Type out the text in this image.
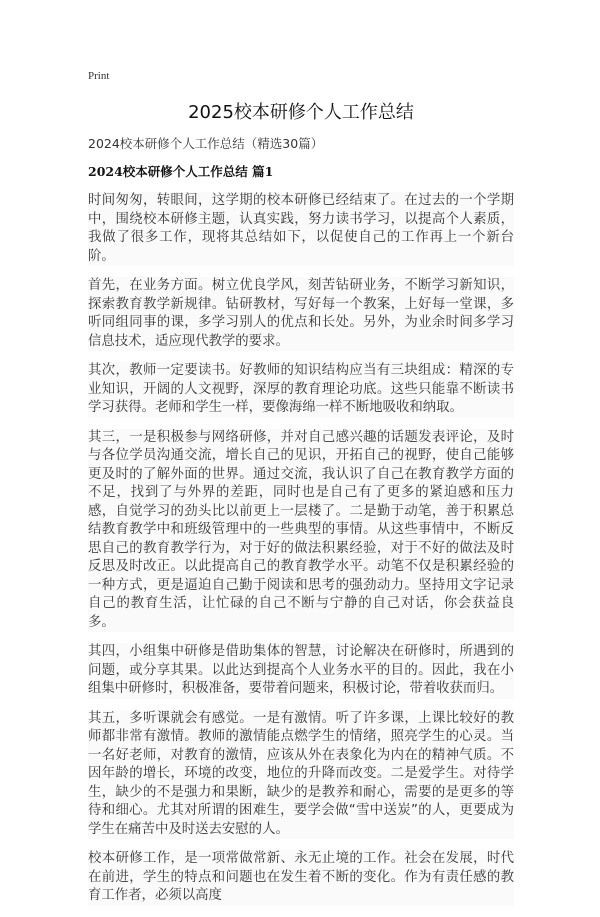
Print
2025校本研修个人工作总结
2024校本研修个人工作总结（精选30篇）
2024校本研修个人工作总结 篇1

时间匆匆，转眼间，这学期的校本研修已经结束了。在过去的一个学期中，围绕校本研修主题，认真实践，努力读书学习，以提高个人素质，我做了很多工作，现将其总结如下，以促使自己的工作再上一个新台阶。

首先，在业务方面。树立优良学风，刻苦钻研业务，不断学习新知识，探索教育教学新规律。钻研教材，写好每一个教案，上好每一堂课，多听同组同事的课，多学习别人的优点和长处。另外，为业余时间多学习信息技术，适应现代教学的要求。

其次，教师一定要读书。好教师的知识结构应当有三块组成：精深的专业知识，开阔的人文视野，深厚的教育理论功底。这些只能靠不断读书学习获得。老师和学生一样，要像海绵一样不断地吸收和纳取。

其三，一是积极参与网络研修，并对自己感兴趣的话题发表评论，及时与各位学员沟通交流，增长自己的见识，开拓自己的视野，使自己能够更及时的了解外面的世界。通过交流，我认识了自己在教育教学方面的不足，找到了与外界的差距，同时也是自己有了更多的紧迫感和压力感，自觉学习的劲头比以前更上一层楼了。二是勤于动笔，善于积累总结教育教学中和班级管理中的一些典型的事情。从这些事情中，不断反思自己的教育教学行为，对于好的做法积累经验，对于不好的做法及时反思及时改正。以此提高自己的教育教学水平。动笔不仅是积累经验的一种方式，更是逼迫自己勤于阅读和思考的强劲动力。坚持用文字记录自己的教育生活，让忙碌的自己不断与宁静的自己对话，你会获益良多。

其四，小组集中研修是借助集体的智慧，讨论解决在研修时，所遇到的问题，或分享其果。以此达到提高个人业务水平的目的。因此，我在小组集中研修时，积极准备，要带着问题来，积极讨论，带着收获而归。

其五，多听课就会有感觉。一是有激情。听了许多课，上课比较好的教师都非常有激情。教师的激情能点燃学生的情绪，照亮学生的心灵。当一名好老师，对教育的激情，应该从外在表象化为内在的精神气质。不因年龄的增长，环境的改变，地位的升降而改变。二是爱学生。对待学生，缺少的不是强力和果断，缺少的是教养和耐心，需要的是更多的等待和细心。尤其对所谓的困难生，要学会做“雪中送炭”的人，更要成为学生在痛苦中及时送去安慰的人。

校本研修工作，是一项常做常新、永无止境的工作。社会在发展，时代在前进，学生的特点和问题也在发生着不断的变化。作为有责任感的教育工作者，必须以高度
